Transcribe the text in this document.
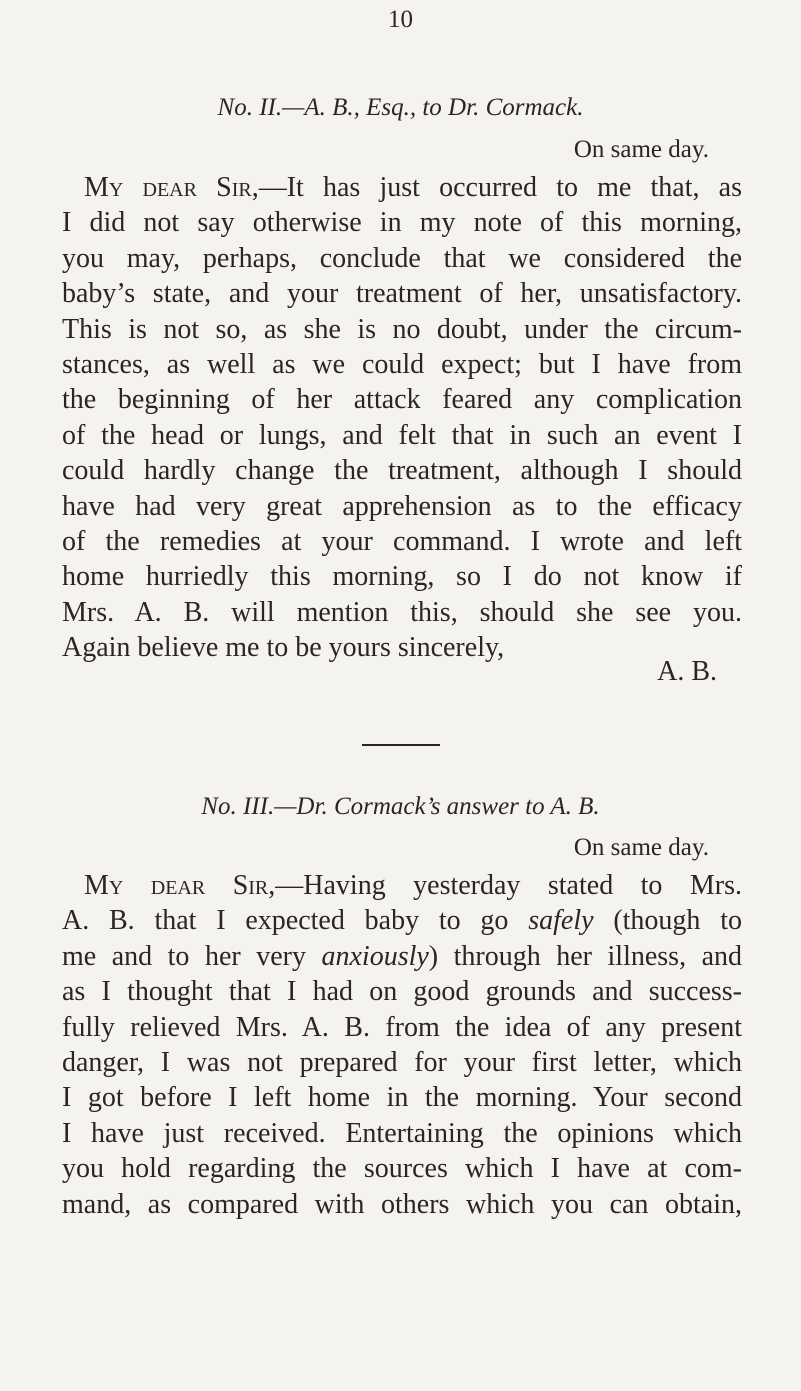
10
No. II.—A. B., Esq., to Dr. Cormack.
On same day.
My dear Sir,—It has just occurred to me that, as
I did not say otherwise in my note of this morning,
you may, perhaps, conclude that we considered the
baby’s state, and your treatment of her, unsatisfactory.
This is not so, as she is no doubt, under the circum-
stances, as well as we could expect; but I have from
the beginning of her attack feared any complication
of the head or lungs, and felt that in such an event I
could hardly change the treatment, although I should
have had very great apprehension as to the efficacy
of the remedies at your command. I wrote and left
home hurriedly this morning, so I do not know if
Mrs. A. B. will mention this, should she see you.
Again believe me to be yours sincerely,
A. B.
No. III.—Dr. Cormack’s answer to A. B.
On same day.
My dear Sir,—Having yesterday stated to Mrs.
A. B. that I expected baby to go safely (though to
me and to her very anxiously) through her illness, and
as I thought that I had on good grounds and success-
fully relieved Mrs. A. B. from the idea of any present
danger, I was not prepared for your first letter, which
I got before I left home in the morning. Your second
I have just received. Entertaining the opinions which
you hold regarding the sources which I have at com-
mand, as compared with others which you can obtain,
